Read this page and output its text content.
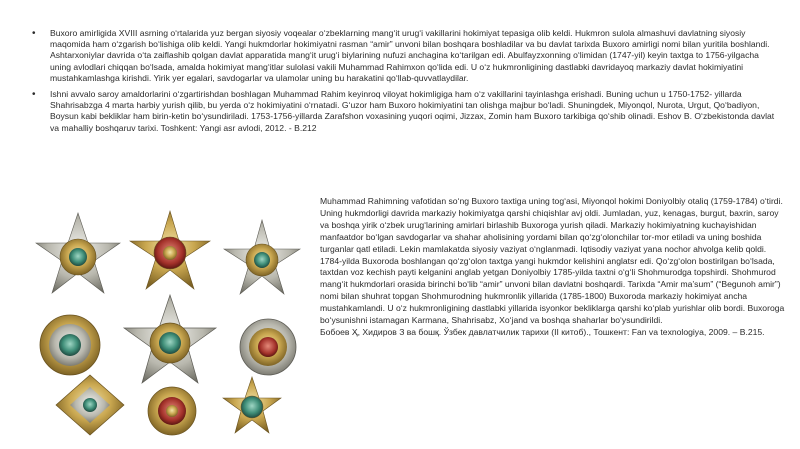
• Buxoro amirligida XVIII asrning o‘rtalarida yuz bergan siyosiy voqealar o‘zbeklarning mang‘it urug‘i vakillarini hokimiyat tepasiga olib keldi. Hukmron sulola almashuvi davlatning siyosiy maqomida ham o‘zgarish bo‘lishiga olib keldi. Yangi hukmdorlar hokimiyatni rasman “amir” unvoni bilan boshqara boshladilar va bu davlat tarixda Buxoro amirligi nomi bilan yuritila boshlandi. Ashtarxoniylar davrida o‘ta zaiflashib qolgan davlat apparatida mang‘it urug‘i biylarining nufuzi anchagina ko‘tarilgan edi. Abulfayzxonning o‘limidan (1747-yil) keyin taxtga to 1756-yilgacha uning avlodlari chiqqan bo‘lsada, amalda hokimiyat mang‘itlar sulolasi vakili Muhammad Rahimxon qo‘lida edi. U o‘z hukmronligining dastlabki davridayoq markaziy davlat hokimiyatini mustahkamlashga kirishdi. Yirik yer egalari, savdogarlar va ulamolar uning bu harakatini qo‘llab-quvvatlaydilar.
• Ishni avvalo saroy amaldorlarini o‘zgartirishdan boshlagan Muhammad Rahim keyinroq viloyat hokimligiga ham o‘z vakillarini tayinlashga erishadi. Buning uchun u 1750-1752- yillarda Shahrisabzga 4 marta harbiy yurish qilib, bu yerda o‘z hokimiyatini o‘rnatadi. G‘uzor ham Buxoro hokimiyatini tan olishga majbur bo‘ladi. Shuningdek, Miyonqol, Nurota, Urgut, Qo‘badiyon, Boysun kabi bekliklar ham birin-ketin bo‘ysundiriladi. 1753-1756-yillarda Zarafshon voxasining yuqori oqimi, Jizzax, Zomin ham Buxoro tarkibiga qo‘shib olinadi. Eshov B. O‘zbekistonda davlat va mahalliy boshqaruv tarixi. Toshkent: Yangi asr avlodi, 2012. - B.212

Muhammad Rahimning vafotidan so‘ng Buxoro taxtiga uning tog‘asi, Miyonqol hokimi Doniyolbiy otaliq (1759-1784) o‘tirdi. Uning hukmdorligi davrida markaziy hokimiyatga qarshi chiqishlar avj oldi. Jumladan, yuz, kenagas, burgut, baxrin, saroy va boshqa yirik o‘zbek urug‘larining amirlari birlashib Buxoroga yurish qiladi. Markaziy hokimiyatning kuchayishidan manfaatdor bo‘lgan savdogarlar va shahar aholisining yordami bilan qo‘zg‘olonchilar tor-mor etiladi va uning boshida turganlar qatl etiladi. Lekin mamlakatda siyosiy vaziyat o‘nglanmadi. Iqtisodiy vaziyat yana nochor ahvolga kelib qoldi. 1784-yilda Buxoroda boshlangan qo‘zg‘olon taxtga yangi hukmdor kelishini anglatsr edi. Qo‘zg‘olon bostirilgan bo‘lsada, taxtdan voz kechish payti kelganini anglab yetgan Doniyolbiy 1785-yilda taxtni o‘g‘li Shohmurodga topshirdi. Shohmurod mang‘it hukmdorlari orasida birinchi bo‘lib “amir” unvoni bilan davlatni boshqardi. Tarixda “Amir ma’sum” (“Begunoh amir”) nomi bilan shuhrat topgan Shohmurodning hukmronlik yillarida (1785-1800) Buxoroda markaziy hokimiyat ancha mustahkamlandi. U o‘z hukmronligining dastlabki yillarida isyonkor bekliklarga qarshi ko‘plab yurishlar olib bordi. Buxoroga bo‘ysunishni istamagan Karmana, Shahrisabz, Xo‘jand va boshqa shaharlar bo‘ysundirildi.

Бобоев Ҳ, Хидиров З ва бошқ. Ўзбек давлатчилик тарихи (II китоб)., Тошкент: Fan va texnologiya, 2009. – B.215.
